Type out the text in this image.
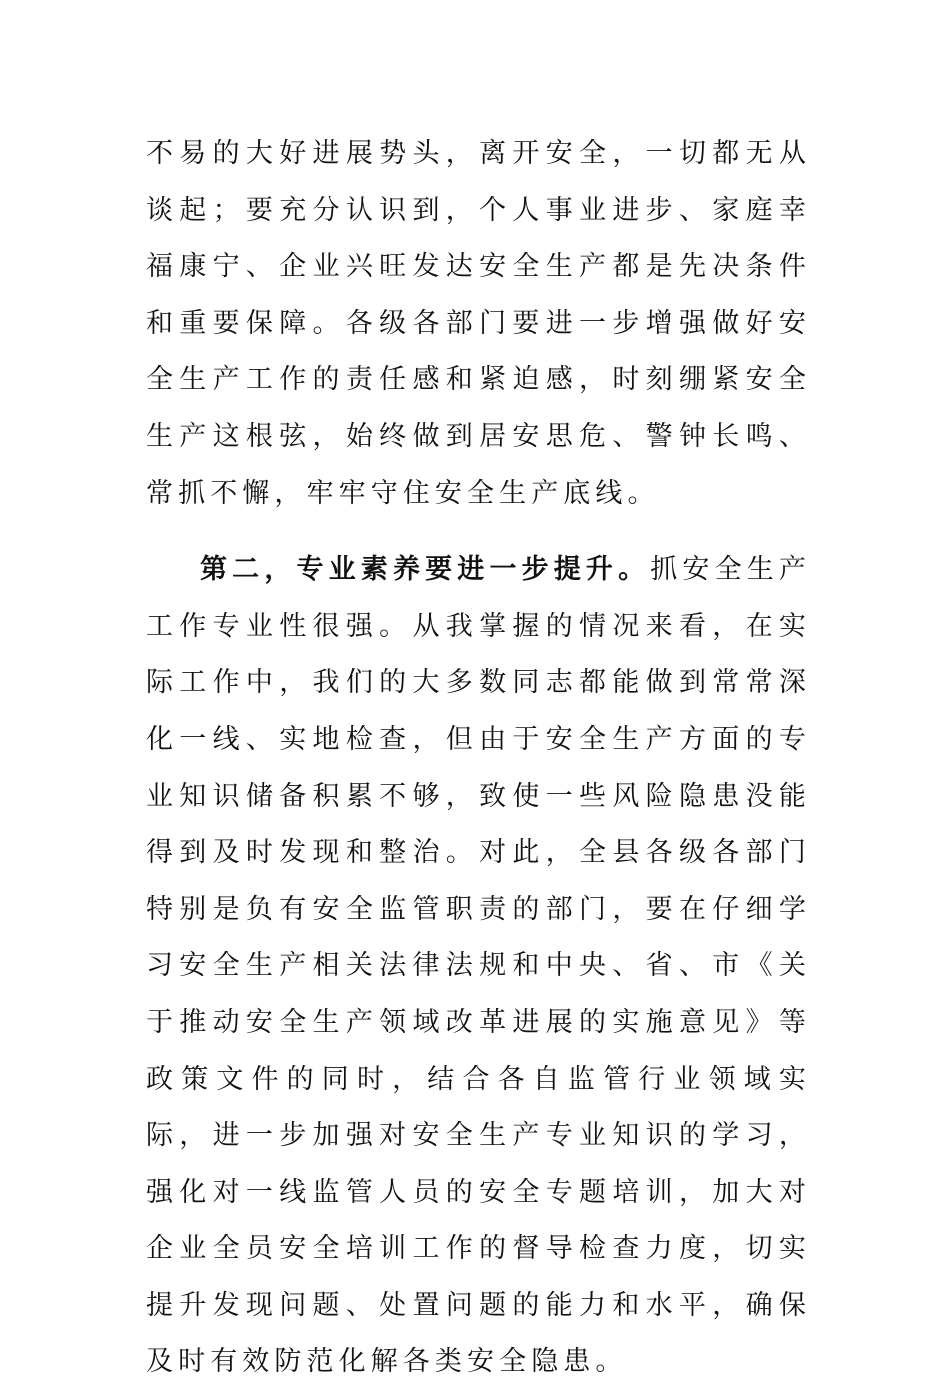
不易的大好进展势头，离开安全，一切都无从谈起；要充分认识到，个人事业进步、家庭幸福康宁、企业兴旺发达安全生产都是先决条件和重要保障。各级各部门要进一步增强做好安全生产工作的责任感和紧迫感，时刻绷紧安全生产这根弦，始终做到居安思危、警钟长鸣、常抓不懈，牢牢守住安全生产底线。

第二，专业素养要进一步提升。抓安全生产工作专业性很强。从我掌握的情况来看，在实际工作中，我们的大多数同志都能做到常常深化一线、实地检查，但由于安全生产方面的专业知识储备积累不够，致使一些风险隐患没能得到及时发现和整治。对此，全县各级各部门特别是负有安全监管职责的部门，要在仔细学习安全生产相关法律法规和中央、省、市《关于推动安全生产领域改革进展的实施意见》等政策文件的同时，结合各自监管行业领域实际，进一步加强对安全生产专业知识的学习，强化对一线监管人员的安全专题培训，加大对企业全员安全培训工作的督导检查力度，切实提升发现问题、处置问题的能力和水平，确保及时有效防范化解各类安全隐患。
